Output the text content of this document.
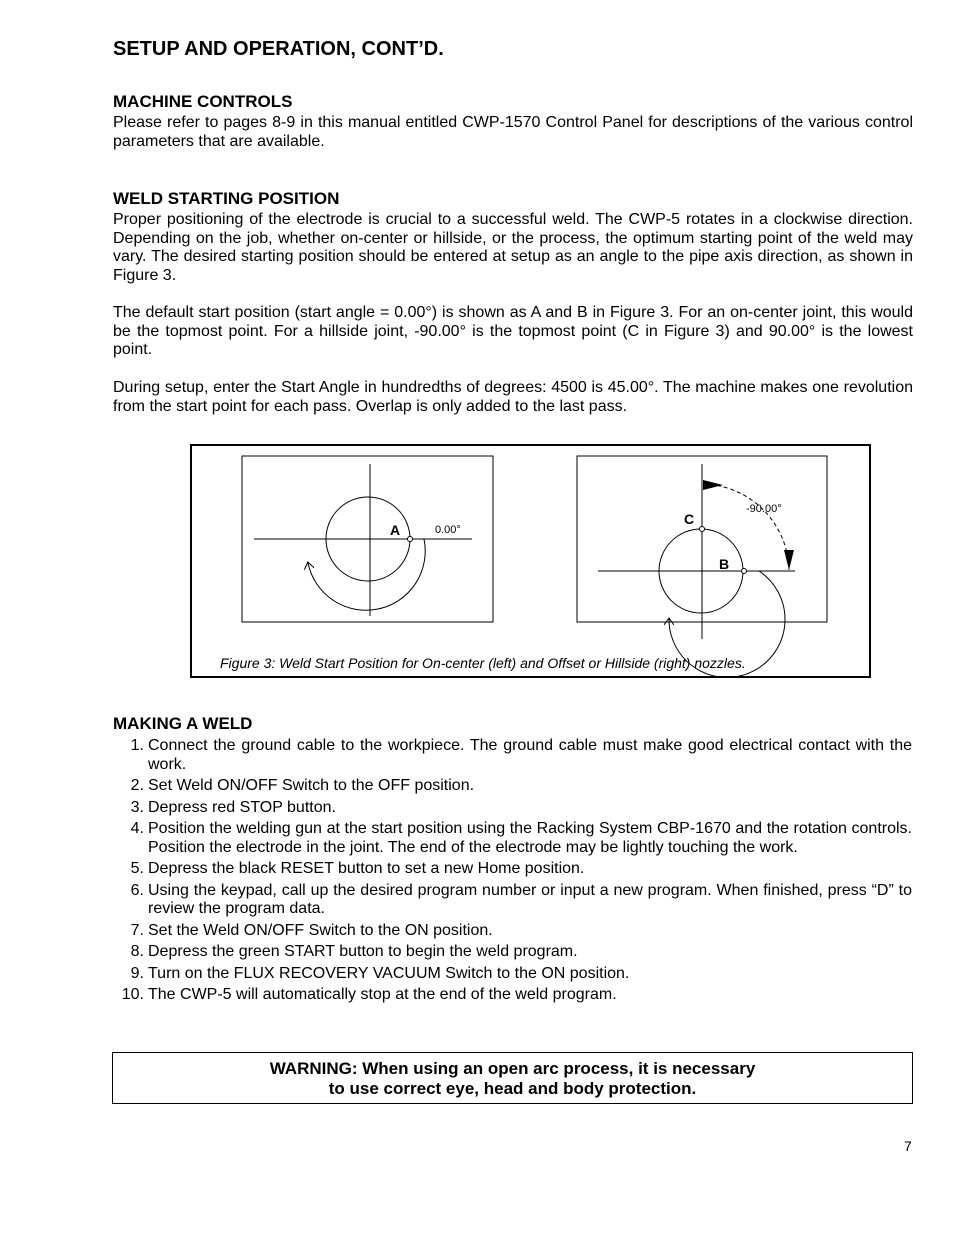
SETUP AND OPERATION, CONT’D.
MACHINE CONTROLS

Please refer to pages 8-9 in this manual entitled CWP-1570 Control Panel for descriptions of the various control parameters that are available.

WELD STARTING POSITION

Proper positioning of the electrode is crucial to a successful weld. The CWP-5 rotates in a clockwise direction. Depending on the job, whether on-center or hillside, or the process, the optimum starting point of the weld may vary. The desired starting position should be entered at setup as an angle to the pipe axis direction, as shown in Figure 3.

The default start position (start angle = 0.00°) is shown as A and B in Figure 3. For an on-center joint, this would be the topmost point. For a hillside joint, -90.00° is the topmost point (C in Figure 3) and 90.00° is the lowest point.

During setup, enter the Start Angle in hundredths of degrees: 4500 is 45.00°. The machine makes one revolution from the start point for each pass. Overlap is only added to the last pass.

A	0.00°
C
B
-90.00°

Figure 3: Weld Start Position for On-center (left) and Offset or Hillside (right) nozzles.

MAKING A WELD
1. Connect the ground cable to the workpiece. The ground cable must make good electrical contact with the work.
2. Set Weld ON/OFF Switch to the OFF position.
3. Depress red STOP button.
4. Position the welding gun at the start position using the Racking System CBP-1670 and the rotation controls. Position the electrode in the joint. The end of the electrode may be lightly touching the work.
5. Depress the black RESET button to set a new Home position.
6. Using the keypad, call up the desired program number or input a new program. When finished, press “D” to review the program data.
7. Set the Weld ON/OFF Switch to the ON position.
8. Depress the green START button to begin the weld program.
9. Turn on the FLUX RECOVERY VACUUM Switch to the ON position.
10. The CWP-5 will automatically stop at the end of the weld program.
WARNING: When using an open arc process, it is necessary
to use correct eye, head and body protection.
7
